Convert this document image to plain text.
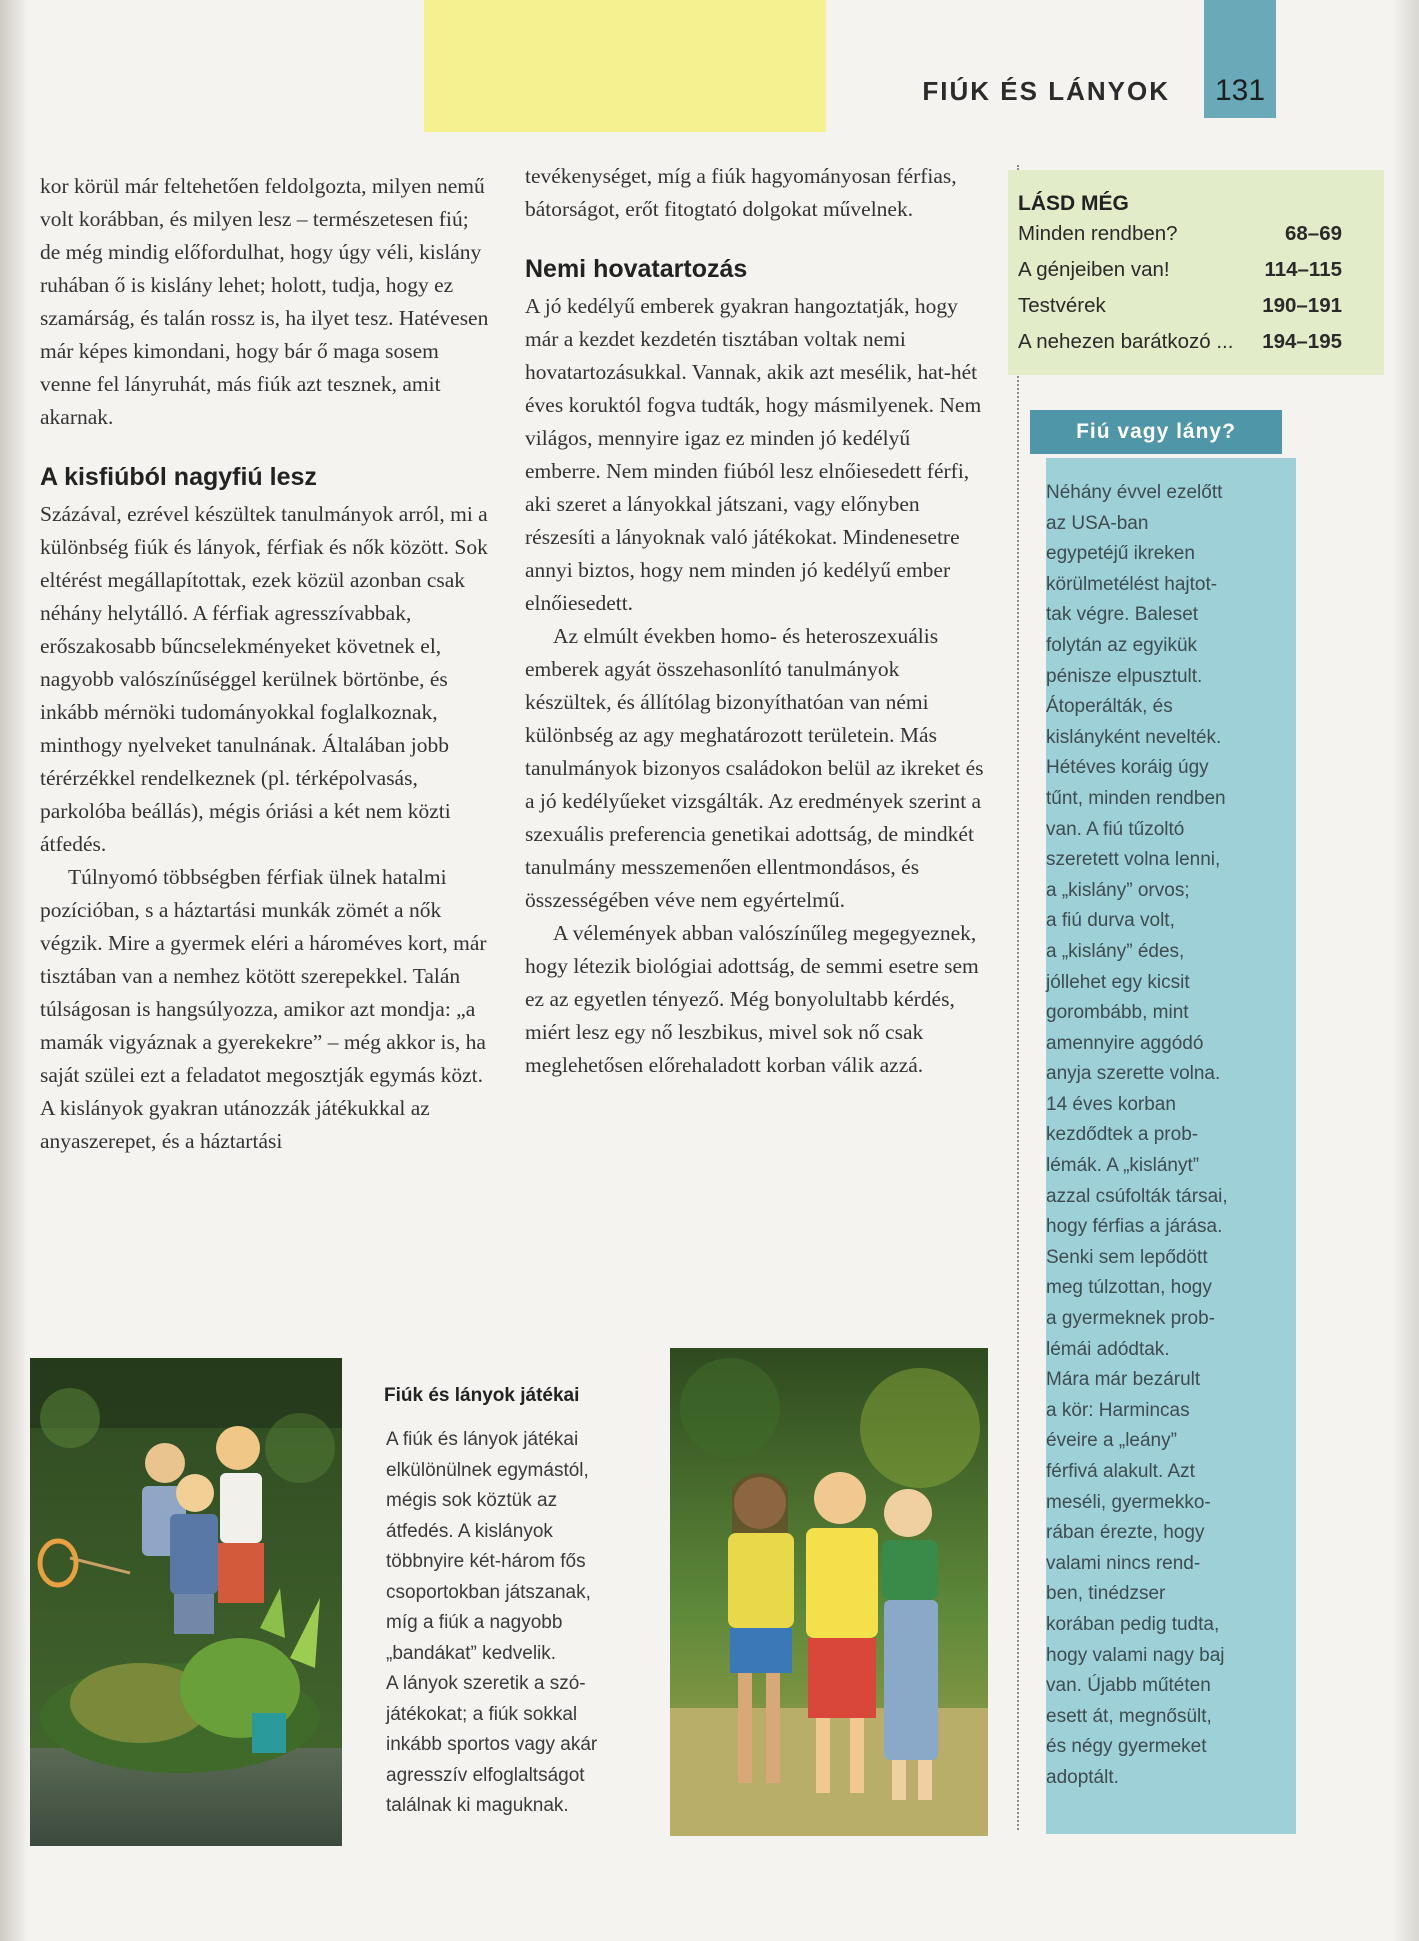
FIÚK ÉS LÁNYOK	131

kor körül már feltehetően feldolgozta, milyen nemű volt korábban, és milyen lesz – természetesen fiú; de még mindig előfordulhat, hogy úgy véli, kislány ruhában ő is kislány lehet; holott, tudja, hogy ez szamárság, és talán rossz is, ha ilyet tesz. Hatévesen már képes kimondani, hogy bár ő maga sosem venne fel lányruhát, más fiúk azt tesznek, amit akarnak.

A kisfiúból nagyfiú lesz

Százával, ezrével készültek tanulmányok arról, mi a különbség fiúk és lányok, férfiak és nők között. Sok eltérést megállapítottak, ezek közül azonban csak néhány helytálló. A férfiak agresszívabbak, erőszakosabb bűncselekményeket követnek el, nagyobb valószínűséggel kerülnek börtönbe, és inkább mérnöki tudományokkal foglalkoznak, minthogy nyelveket tanulnának. Általában jobb térérzékkel rendelkeznek (pl. térképolvasás, parkolóba beállás), mégis óriási a két nem közti átfedés.

Túlnyomó többségben férfiak ülnek hatalmi pozícióban, s a háztartási munkák zömét a nők végzik. Mire a gyermek eléri a hároméves kort, már tisztában van a nemhez kötött szerepekkel. Talán túlságosan is hangsúlyozza, amikor azt mondja: „a mamák vigyáznak a gyerekekre” – még akkor is, ha saját szülei ezt a feladatot megosztják egymás közt. A kislányok gyakran utánozzák játékukkal az anyaszerepet, és a háztartási

tevékenységet, míg a fiúk hagyományosan férfias, bátorságot, erőt fitogtató dolgokat művelnek.

Nemi hovatartozás

A jó kedélyű emberek gyakran hangoztatják, hogy már a kezdet kezdetén tisztában voltak nemi hovatartozásukkal. Vannak, akik azt mesélik, hat-hét éves koruktól fogva tudták, hogy másmilyenek. Nem világos, mennyire igaz ez minden jó kedélyű emberre. Nem minden fiúból lesz elnőiesedett férfi, aki szeret a lányokkal játszani, vagy előnyben részesíti a lányoknak való játékokat. Mindenesetre annyi biztos, hogy nem minden jó kedélyű ember elnőiesedett.

Az elmúlt években homo- és heteroszexuális emberek agyát összehasonlító tanulmányok készültek, és állítólag bizonyíthatóan van némi különbség az agy meghatározott területein. Más tanulmányok bizonyos családokon belül az ikreket és a jó kedélyűeket vizsgálták. Az eredmények szerint a szexuális preferencia genetikai adottság, de mindkét tanulmány messzemenően ellentmondásos, és összességében véve nem egyértelmű.

A vélemények abban valószínűleg megegyeznek, hogy létezik biológiai adottság, de semmi esetre sem ez az egyetlen tényező. Még bonyolultabb kérdés, miért lesz egy nő leszbikus, mivel sok nő csak meglehetősen előrehaladott korban válik azzá.

LÁSD MÉG
Minden rendben?	68–69
A génjeiben van!	114–115
Testvérek	190–191
A nehezen barátkozó ... 194–195
Fiú vagy lány?
Néhány évvel ezelőtt
az USA-ban
egypetéjű ikreken
körülmetélést hajtot-
tak végre. Baleset
folytán az egyikük
pénisze elpusztult.
Átoperálták, és
kislányként nevelték.
Hétéves koráig úgy
tűnt, minden rendben
van. A fiú tűzoltó
szeretett volna lenni,
a „kislány” orvos;
a fiú durva volt,
a „kislány” édes,
jóllehet egy kicsit
gorombább, mint
amennyire aggódó
anyja szerette volna.
14 éves korban
kezdődtek a prob-
lémák. A „kislányt”
azzal csúfolták társai,
hogy férfias a járása.
Senki sem lepődött
meg túlzottan, hogy
a gyermeknek prob-
lémái adódtak.
Mára már bezárult
a kör: Harmincas
éveire a „leány”
férfivá alakult. Azt
meséli, gyermekko-
rában érezte, hogy
valami nincs rend-
ben, tinédzser
korában pedig tudta,
hogy valami nagy baj
van. Újabb műtéten
esett át, megnősült,
és négy gyermeket
adoptált.
Fiúk és lányok játékai
A fiúk és lányok játékai
elkülönülnek egymástól,
mégis sok köztük az
átfedés. A kislányok
többnyire két-három fős
csoportokban játszanak,
míg a fiúk a nagyobb
„bandákat” kedvelik.
A lányok szeretik a szó-
játékokat; a fiúk sokkal
inkább sportos vagy akár
agresszív elfoglaltságot
találnak ki maguknak.
